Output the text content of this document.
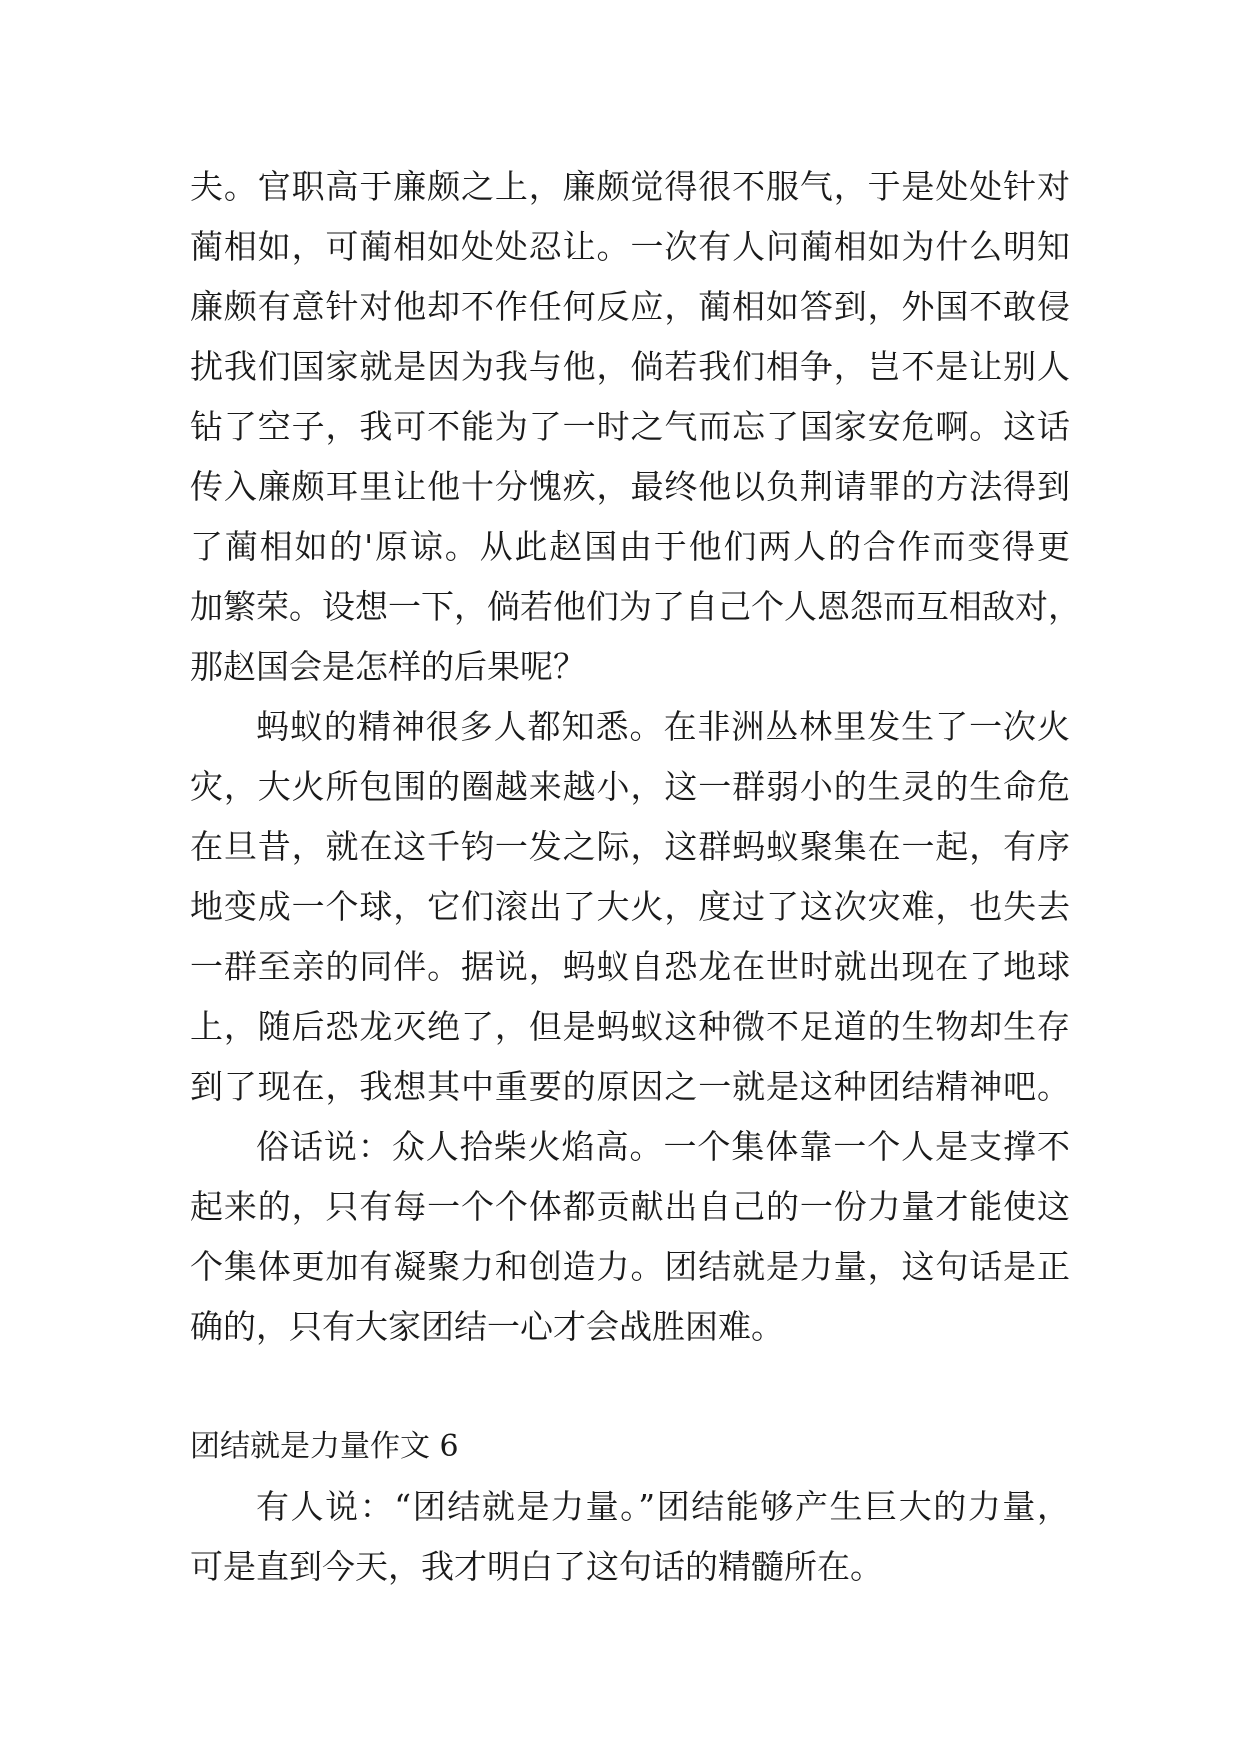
夫。官职高于廉颇之上，廉颇觉得很不服气，于是处处针对
蔺相如，可蔺相如处处忍让。一次有人问蔺相如为什么明知
廉颇有意针对他却不作任何反应，蔺相如答到，外国不敢侵
扰我们国家就是因为我与他，倘若我们相争，岂不是让别人
钻了空子，我可不能为了一时之气而忘了国家安危啊。这话
传入廉颇耳里让他十分愧疚，最终他以负荆请罪的方法得到
了蔺相如的'原谅。从此赵国由于他们两人的合作而变得更
加繁荣。设想一下，倘若他们为了自己个人恩怨而互相敌对，
那赵国会是怎样的后果呢？
蚂蚁的精神很多人都知悉。在非洲丛林里发生了一次火
灾，大火所包围的圈越来越小，这一群弱小的生灵的生命危
在旦昔，就在这千钧一发之际，这群蚂蚁聚集在一起，有序
地变成一个球，它们滚出了大火，度过了这次灾难，也失去
一群至亲的同伴。据说，蚂蚁自恐龙在世时就出现在了地球
上，随后恐龙灭绝了，但是蚂蚁这种微不足道的生物却生存
到了现在，我想其中重要的原因之一就是这种团结精神吧。
俗话说：众人拾柴火焰高。一个集体靠一个人是支撑不
起来的，只有每一个个体都贡献出自己的一份力量才能使这
个集体更加有凝聚力和创造力。团结就是力量，这句话是正
确的，只有大家团结一心才会战胜困难。
团结就是力量作文 6
有人说：“团结就是力量。”团结能够产生巨大的力量，
可是直到今天，我才明白了这句话的精髓所在。
